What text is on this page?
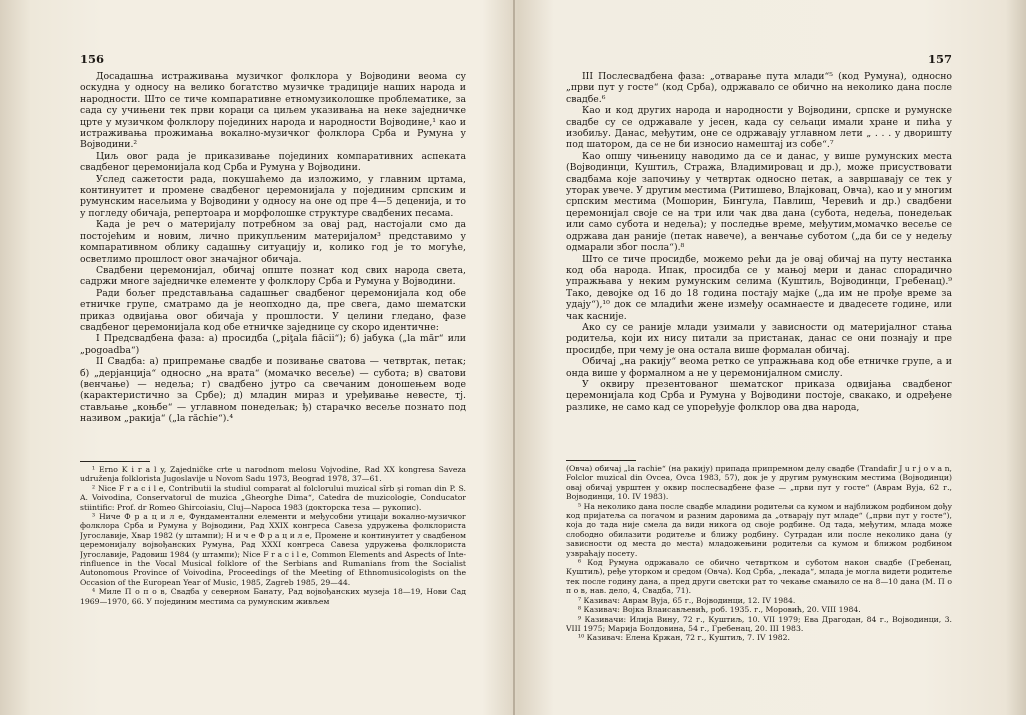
156

Досадашња истраживања музичког фолклора у Војводини веома су оскудна у односу на велико богатство музичке традиције наших народа и народности. Што се тиче компаративне етномузиколошке проблематике, за сада су учињени тек први кораци са циљем указивања на неке заједничке црте у музичком фолклору појединих народа и народности Војводине,¹ као и истраживања прожимања вокално-музичког фолклора Срба и Румуна у Војводини.²

Циљ овог рада је приказивање појединих компаративних аспеката свадбеног церемонијала код Срба и Румуна у Војводини.

Услед сажетости рада, покушаћемо да изложимо, у главним цртама, континуитет и промене свадбеног церемонијала у појединим српским и румунским насељима у Војводини у односу на оне од пре 4—5 деценија, и то у погледу обичаја, репертоара и морфолошке структуре свадбених песама.

Када је реч о материјалу потребном за овај рад, настојали смо да постојећим и новим, лично прикупљеним материјалом³ представимо у компаративном облику садашњу ситуацију и, колико год је то могуће, осветлимо прошлост овог значајног обичаја.

Свадбени церемонијал, обичај опште познат код свих народа света, садржи многе заједничке елементе у фолклору Срба и Румуна у Војводини.

Ради бољег представљања садашњег свадбеног церемонијала код обе етничке групе, сматрамо да је неопходно да, пре свега, дамо шематски приказ одвијања овог обичаја у прошлости. У целини гледано, фазе свадбеног церемонијала код обе етничке заједнице су скоро идентичне:

I Предсвадбена фаза: а) просидба („piţala fiăcii“); б) јабука („la măr“ или „pogoadba“)

II Свадба: а) припремање свадбе и позивање сватова — четвртак, петак; б) „дерјанција“ односно „на врата“ (момачко весеље) — субота; в) сватови (венчање) — недеља; г) свадбено јутро са свечаним доношењем воде (карактеристично за Србе); д) младин мираз и уређивање невесте, тј. стављање „коњбе“ — углавном понедељак; ђ) старачко весеље познато под називом „ракија“ („la răchie“).⁴

¹ Erno K i r a l y, Zajedničke crte u narodnom melosu Vojvodine, Rad XX kongresa Saveza udruženja folklorista Jugoslavije u Novom Sadu 1973, Beograd 1978, 37—61.

² Nice F r a c i l e, Contributii la studiul comparat al folclorului muzical sîrb şi roman din P. S. A. Voivodina, Conservatorul de muzica „Gheorghe Dima“, Catedra de muzicologie, Conducator stiintific: Prof. dr Romeo Ghircoiasiu, Cluj—Napoca 1983 (докторска теза — рукопис).

³ Ниче Ф р а ц и л е, Фундаментални елементи и међусобни утицаји вокално-музичког фолклора Срба и Румуна у Војводини, Рад XXIX конгреса Савеза удружења фолклориста Југославије, Хвар 1982 (у штампи); Н и ч е Ф р а ц и л е, Промене и континуитет у свадбеном церемонијалу војвођанских Румуна, Рад XXXI конгреса Савеза удружења фолклориста Југославије, Радовиш 1984 (у штампи); Nice F r a c i l e, Common Elements and Aspects of Interinfluence in the Vocal Musical folklore of the Serbians and Rumanians from the Socialist Autonomous Province of Voivodina, Proceedings of the Meeting of Ethnomusicologists on the Occasion of the European Year of Music, 1985, Zagreb 1985, 29—44.

⁴ Миле П о п о в, Свадба у северном Банату, Рад војвођанских музеја 18—19, Нови Сад 1969—1970, 66. У појединим местима са румунским живљем

157

III Послесвадбена фаза: „отварање пута млади“⁵ (код Румуна), односно „први пут у госте“ (код Срба), одржавало се обично на неколико дана после свадбе.⁶

Као и код других народа и народности у Војводини, српске и румунске свадбе су се одржавале у јесен, када су сељаци имали хране и пића у изобиљу. Данас, међутим, оне се одржавају углавном лети „ . . . у дворишту под шатором, да се не би износио намештај из собе“.⁷

Као опшу чињеницу наводимо да се и данас, у више румунских места (Војводинци, Куштиљ, Стража, Владимировац и др.), може присуствовати свадбама које започињу у четвртак односно петак, а завршавају се тек у уторак увече. У другим местима (Ритишево, Влајковац, Овча), као и у многим српским местима (Мошорин, Бингула, Павлиш, Черевић и др.) свадбени церемонијал своје се на три или чак два дана (субота, недеља, понедељак или само субота и недеља); у последње време, међутим,момачко весеље се одржава дан раније (петак навече), а венчање суботом („да би се у недељу одмарали због посла“).⁸

Што се тиче просидбе, можемо рећи да је овај обичај на путу нестанка код оба народа. Ипак, просидба се у мањој мери и данас спорадично упражњава у неким румунским селима (Куштиљ, Војводинци, Гребенац).⁹ Тако, девојке од 16 до 18 година постају мајке („да им не прође време за удају“),¹⁰ док се младићи жене између осамнаесте и двадесете године, или чак касније.

Ако су се раније млади узимали у зависности од материјалног стања родитеља, који их нису питали за пристанак, данас се они познају и пре просидбе, при чему је она остала више формалан обичај.

Обичај „на ракију“ веома ретко се упражњава код обе етничке групе, а и онда више у формалном а не у церемонијалном смислу.

У оквиру презентованог шематског приказа одвијања свадбеног церемонијала код Срба и Румуна у Војводини постоје, свакако, и одређене разлике, не само кад се упоређује фолклор ова два народа,

(Овча) обичај „la rachie“ (на ракију) припада припремном делу свадбе (Trandafir J u r j o v a n, Folclor muzical din Ovcea, Ovca 1983, 57), док је у другим румунским местима (Војводинци) овај обичај уврштен у оквир послесвадбене фазе — „први пут у госте“ (Аврам Вуја, 62 г., Војводинци, 10. IV 1983).

⁵ На неколико дана после свадбе младини родитељи са кумом и најближом родбином дођу код пријатеља са погачом и разним даровима да „отварају пут младе“ („први пут у госте“), која до тада није смела да види никога од своје родбине. Од тада, међутим, млада може слободно обилазити родитеље и ближу родбину. Сутрадан или после неколико дана (у зависности од места до места) младожењини родитељи са кумом и ближом родбином узвраћају посету.

⁶ Код Румуна одржавало се обично четвртком и суботом након свадбе (Гребенац, Куштиљ), ређе уторком и средом (Овча). Код Срба, „лекада“, млада је могла видети родитеље тек после годину дана, а пред други светски рат то чекање смањило се на 8—10 дана (М. П о п о в, нав. дело, 4, Свадба, 71).

⁷ Казивач: Аврам Вуја, 65 г., Војводинци, 12. IV 1984.

⁸ Казивач: Војка Влаисављевић, роб. 1935. г., Моровић, 20. VIII 1984.

⁹ Казивачи: Илија Вину, 72 г., Куштиљ, 10. VII 1979; Ева Драгодан, 84 г., Војводинци, 3. VIII 1975; Марија Болдовина, 54 г., Гребенац, 20. III 1983.

¹⁰ Казивач: Елена Кржан, 72 г., Куштиљ, 7. IV 1982.
